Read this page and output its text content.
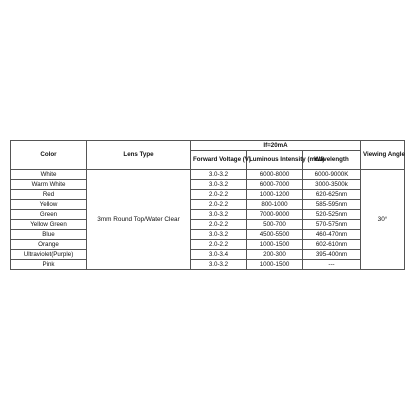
Color	Lens Type	If=20mA			Viewing Angle
		Forward Voltage (V)	Luminous Intensity (mcd)	Wavelength	
White	3mm Round Top/Water Clear	3.0-3.2	6000-8000	6000-9000K	30°
Warm White		3.0-3.2	6000-7000	3000-3500k	
Red		2.0-2.2	1000-1200	620-625nm	
Yellow		2.0-2.2	800-1000	585-595nm	
Green		3.0-3.2	7000-9000	520-525nm	
Yellow Green		2.0-2.2	500-700	570-575nm	
Blue		3.0-3.2	4500-5500	460-470nm	
Orange		2.0-2.2	1000-1500	602-610nm	
Ultraviolet(Purple)		3.0-3.4	200-300	395-400nm	
Pink		3.0-3.2	1000-1500	---	
